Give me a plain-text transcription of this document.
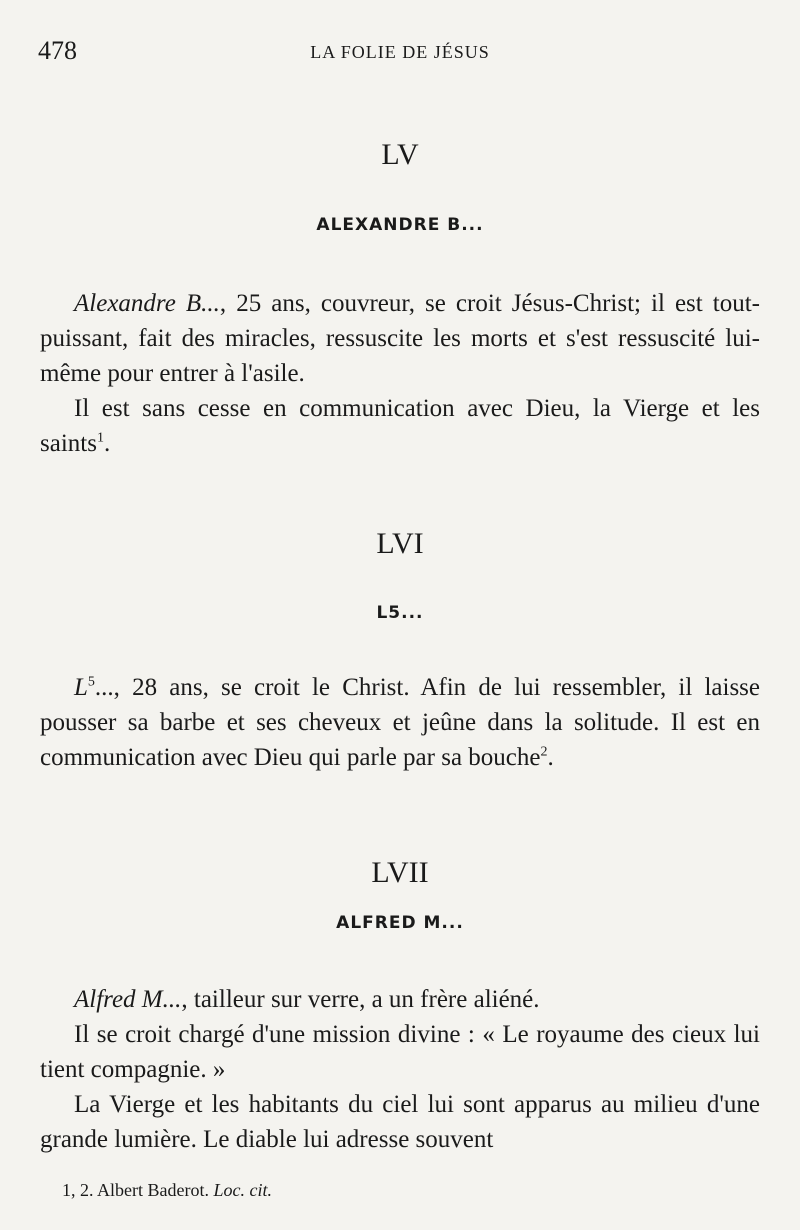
478	LA FOLIE DE JÉSUS
LV
ALEXANDRE B...

Alexandre B..., 25 ans, couvreur, se croit Jésus-Christ; il est tout-puissant, fait des miracles, ressuscite les morts et s'est ressuscité lui-même pour entrer à l'asile.

Il est sans cesse en communication avec Dieu, la Vierge et les saints$^1$.

LVI
L5...

$L^5$..., 28 ans, se croit le Christ. Afin de lui ressembler, il laisse pousser sa barbe et ses cheveux et jeûne dans la solitude. Il est en communication avec Dieu qui parle par sa bouche$^2$.

LVII
ALFRED M...

Alfred M..., tailleur sur verre, a un frère aliéné.

Il se croit chargé d'une mission divine : « Le royaume des cieux lui tient compagnie. »

La Vierge et les habitants du ciel lui sont apparus au milieu d'une grande lumière. Le diable lui adresse souvent

1, 2. Albert Baderot. Loc. cit.
